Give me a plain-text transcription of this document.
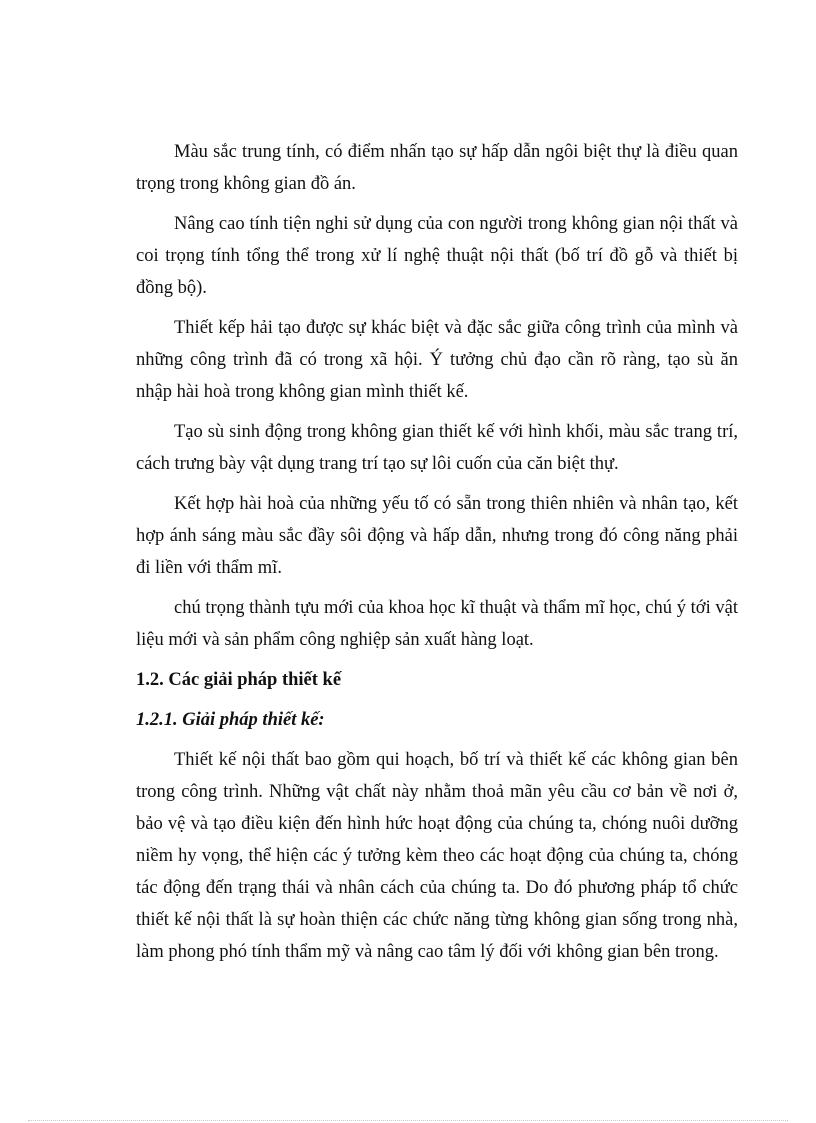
Màu sắc trung tính, có điểm nhấn tạo sự hấp dẫn ngôi biệt thự là điều quan trọng trong không gian đồ án.

Nâng cao tính tiện nghi sử dụng của con người trong không gian nội thất và coi trọng tính tổng thể trong xử lí nghệ thuật nội thất (bố trí đồ gỗ và thiết bị đồng bộ).

Thiết kếp hải tạo được sự khác biệt và đặc sắc giữa công trình của mình và những công trình đã có trong xã hội. Ý tưởng chủ đạo cần rõ ràng, tạo sù ăn nhập hài hoà trong không gian mình thiết kế.

Tạo sù sinh động trong không gian thiết kế với hình khối, màu sắc trang trí, cách trưng bày vật dụng trang trí tạo sự lôi cuốn của căn biệt thự.

Kết hợp hài hoà của những yếu tố có sẵn trong thiên nhiên và nhân tạo, kết hợp ánh sáng màu sắc đầy sôi động và hấp dẫn, nhưng trong đó công năng phải đi liền với thẩm mĩ.

chú trọng thành tựu mới của khoa học kĩ thuật và thẩm mĩ học, chú ý tới vật liệu mới và sản phẩm công nghiệp sản xuất hàng loạt.

1.2. Các giải pháp thiết kế

1.2.1. Giải pháp thiết kế:

Thiết kế nội thất bao gồm qui hoạch, bố trí và thiết kế các không gian bên trong công trình. Những vật chất này nhằm thoả mãn yêu cầu cơ bản về nơi ở, bảo vệ và tạo điều kiện đến hình hức hoạt động của chúng ta, chóng nuôi dưỡng niềm hy vọng, thể hiện các ý tưởng kèm theo các hoạt động của chúng ta, chóng tác động đến trạng thái và nhân cách của chúng ta. Do đó phương pháp tổ chức thiết kế nội thất là sự hoàn thiện các chức năng từng không gian sống trong nhà, làm phong phó tính thẩm mỹ và nâng cao tâm lý đối với không gian bên trong.
